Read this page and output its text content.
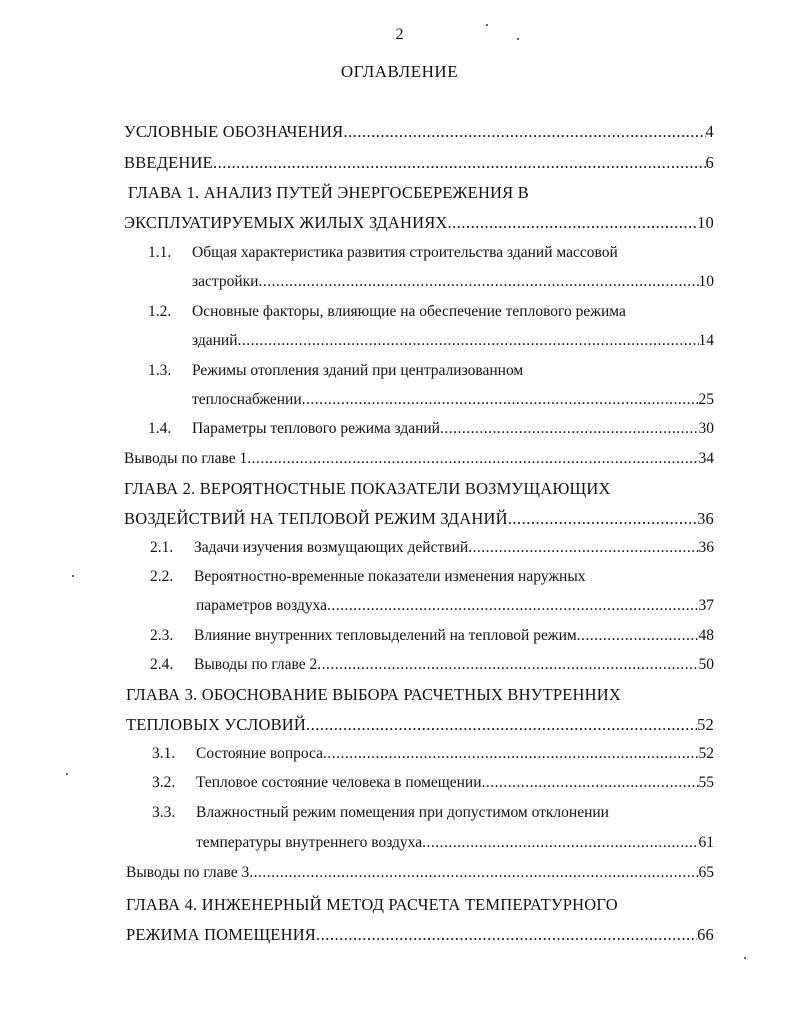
2
ОГЛАВЛЕНИЕ
УСЛОВНЫЕ ОБОЗНАЧЕНИЯ .....	4
ВВЕДЕНИЕ .....	6
ГЛАВА 1. АНАЛИЗ ПУТЕЙ ЭНЕРГОСБЕРЕЖЕНИЯ В
ЭКСПЛУАТИРУЕМЫХ ЖИЛЫХ ЗДАНИЯХ .....	10
1.1. Общая характеристика развития строительства зданий массовой
застройки .....	10
1.2. Основные факторы, влияющие на обеспечение теплового режима
зданий .....	14
1.3. Режимы отопления зданий при централизованном
теплоснабжении .....	25
1.4. Параметры теплового режима зданий .....	30
Выводы по главе 1 .....	34
ГЛАВА 2. ВЕРОЯТНОСТНЫЕ ПОКАЗАТЕЛИ ВОЗМУЩАЮЩИХ
ВОЗДЕЙСТВИЙ НА ТЕПЛОВОЙ РЕЖИМ ЗДАНИЙ .....	36
2.1. Задачи изучения возмущающих действий .....	36
2.2. Вероятностно-временные показатели изменения наружных
параметров воздуха .....	37
2.3. Влияние внутренних тепловыделений на тепловой режим .....	48
2.4. Выводы по главе 2 .....	50
ГЛАВА 3. ОБОСНОВАНИЕ ВЫБОРА РАСЧЕТНЫХ ВНУТРЕННИХ
ТЕПЛОВЫХ УСЛОВИЙ .....	52
3.1. Состояние вопроса .....	52
3.2. Тепловое состояние человека в помещении .....	55
3.3. Влажностный режим помещения при допустимом отклонении
температуры внутреннего воздуха .....	61
Выводы по главе 3 .....	65
ГЛАВА 4. ИНЖЕНЕРНЫЙ МЕТОД РАСЧЕТА ТЕМПЕРАТУРНОГО
РЕЖИМА ПОМЕЩЕНИЯ .....	66
